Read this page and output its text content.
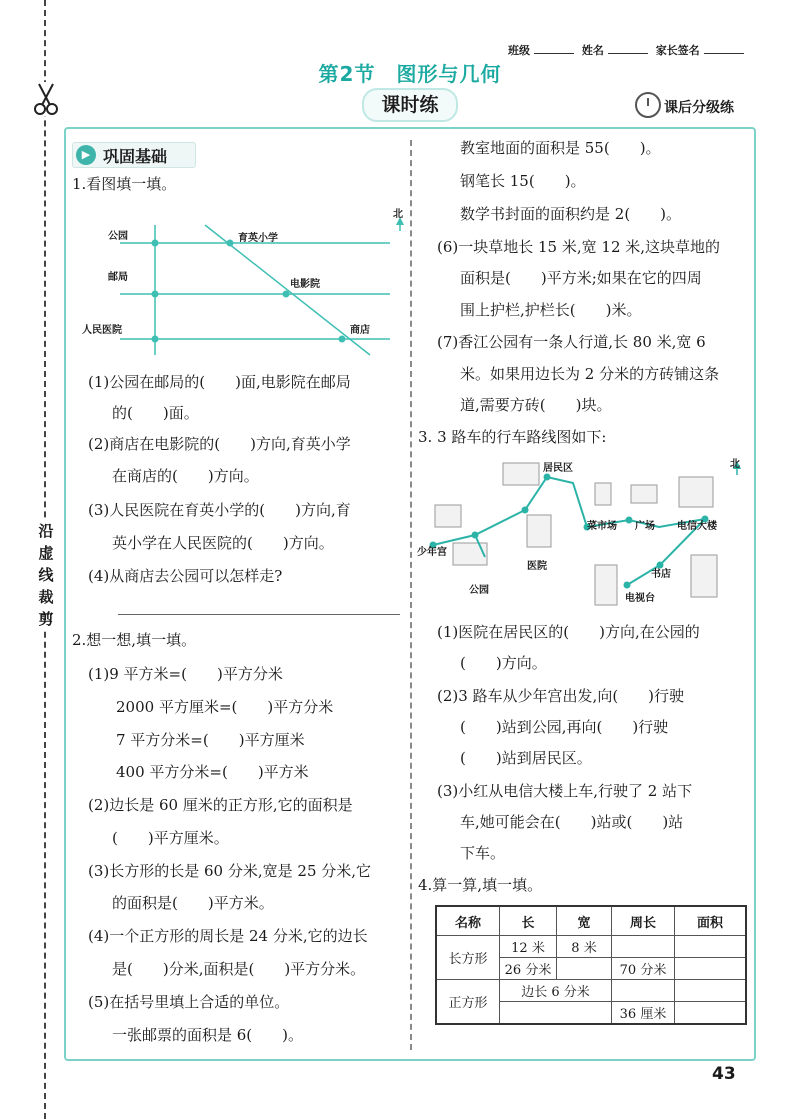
沿虚线裁剪
班级	姓名	家长签名
第2节　图形与几何
课时练	课后分级练
▶ 巩固基础
1.看图填一填。
公园
邮局
人民医院
育英小学
电影院
商店
北
(1)公园在邮局的(　　)面,电影院在邮局
的(　　)面。
(2)商店在电影院的(　　)方向,育英小学
在商店的(　　)方向。
(3)人民医院在育英小学的(　　)方向,育
英小学在人民医院的(　　)方向。
(4)从商店去公园可以怎样走?
2.想一想,填一填。
(1)9 平方米=(　　)平方分米
2000 平方厘米=(　　)平方分米
7 平方分米=(　　)平方厘米
400 平方分米=(　　)平方米
(2)边长是 60 厘米的正方形,它的面积是
(　　)平方厘米。
(3)长方形的长是 60 分米,宽是 25 分米,它
的面积是(　　)平方米。
(4)一个正方形的周长是 24 分米,它的边长
是(　　)分米,面积是(　　)平方分米。
(5)在括号里填上合适的单位。
一张邮票的面积是 6(　　)。
教室地面的面积是 55(　　)。
钢笔长 15(　　)。
数学书封面的面积约是 2(　　)。
(6)一块草地长 15 米,宽 12 米,这块草地的
面积是(　　)平方米;如果在它的四周
围上护栏,护栏长(　　)米。
(7)香江公园有一条人行道,长 80 米,宽 6
米。如果用边长为 2 分米的方砖铺这条
道,需要方砖(　　)块。
3. 3 路车的行车路线图如下:
居民区
菜市场 广场 电信大楼
少年宫
公园
医院
书店
电视台
北
(1)医院在居民区的(　　)方向,在公园的
(　　)方向。
(2)3 路车从少年宫出发,向(　　)行驶
(　　)站到公园,再向(　　)行驶
(　　)站到居民区。
(3)小红从电信大楼上车,行驶了 2 站下
车,她可能会在(　　)站或(　　)站
下车。
4.算一算,填一填。
名称	长	宽	周长	面积
长方形	12 米	8 米		
	26 分米		70 分米	
正方形	边长 6 分米			
			36 厘米	
43
